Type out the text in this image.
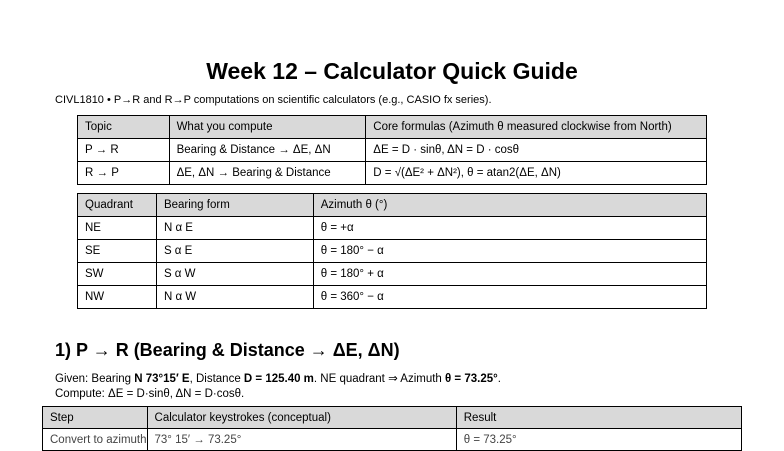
Week 12 – Calculator Quick Guide
CIVL1810 • P→R and R→P computations on scientific calculators (e.g., CASIO fx series).
Topic	What you compute	Core formulas (Azimuth θ measured clockwise from North)
P → R	Bearing & Distance → ΔE, ΔN	ΔE = D · sinθ, ΔN = D · cosθ
R → P	ΔE, ΔN → Bearing & Distance	D = √(ΔE² + ΔN²), θ = atan2(ΔE, ΔN)
Quadrant	Bearing form	Azimuth θ (°)
NE	N α E	θ = +α
SE	S α E	θ = 180° − α
SW	S α W	θ = 180° + α
NW	N α W	θ = 360° − α
1) P → R (Bearing & Distance → ΔE, ΔN)
Given: Bearing N 73°15′ E, Distance D = 125.40 m. NE quadrant ⇒ Azimuth θ = 73.25°.
Compute: ΔE = D·sinθ, ΔN = D·cosθ.
Step	Calculator keystrokes (conceptual)	Result
Convert to azimuth	73° 15′ → 73.25°	θ = 73.25°
